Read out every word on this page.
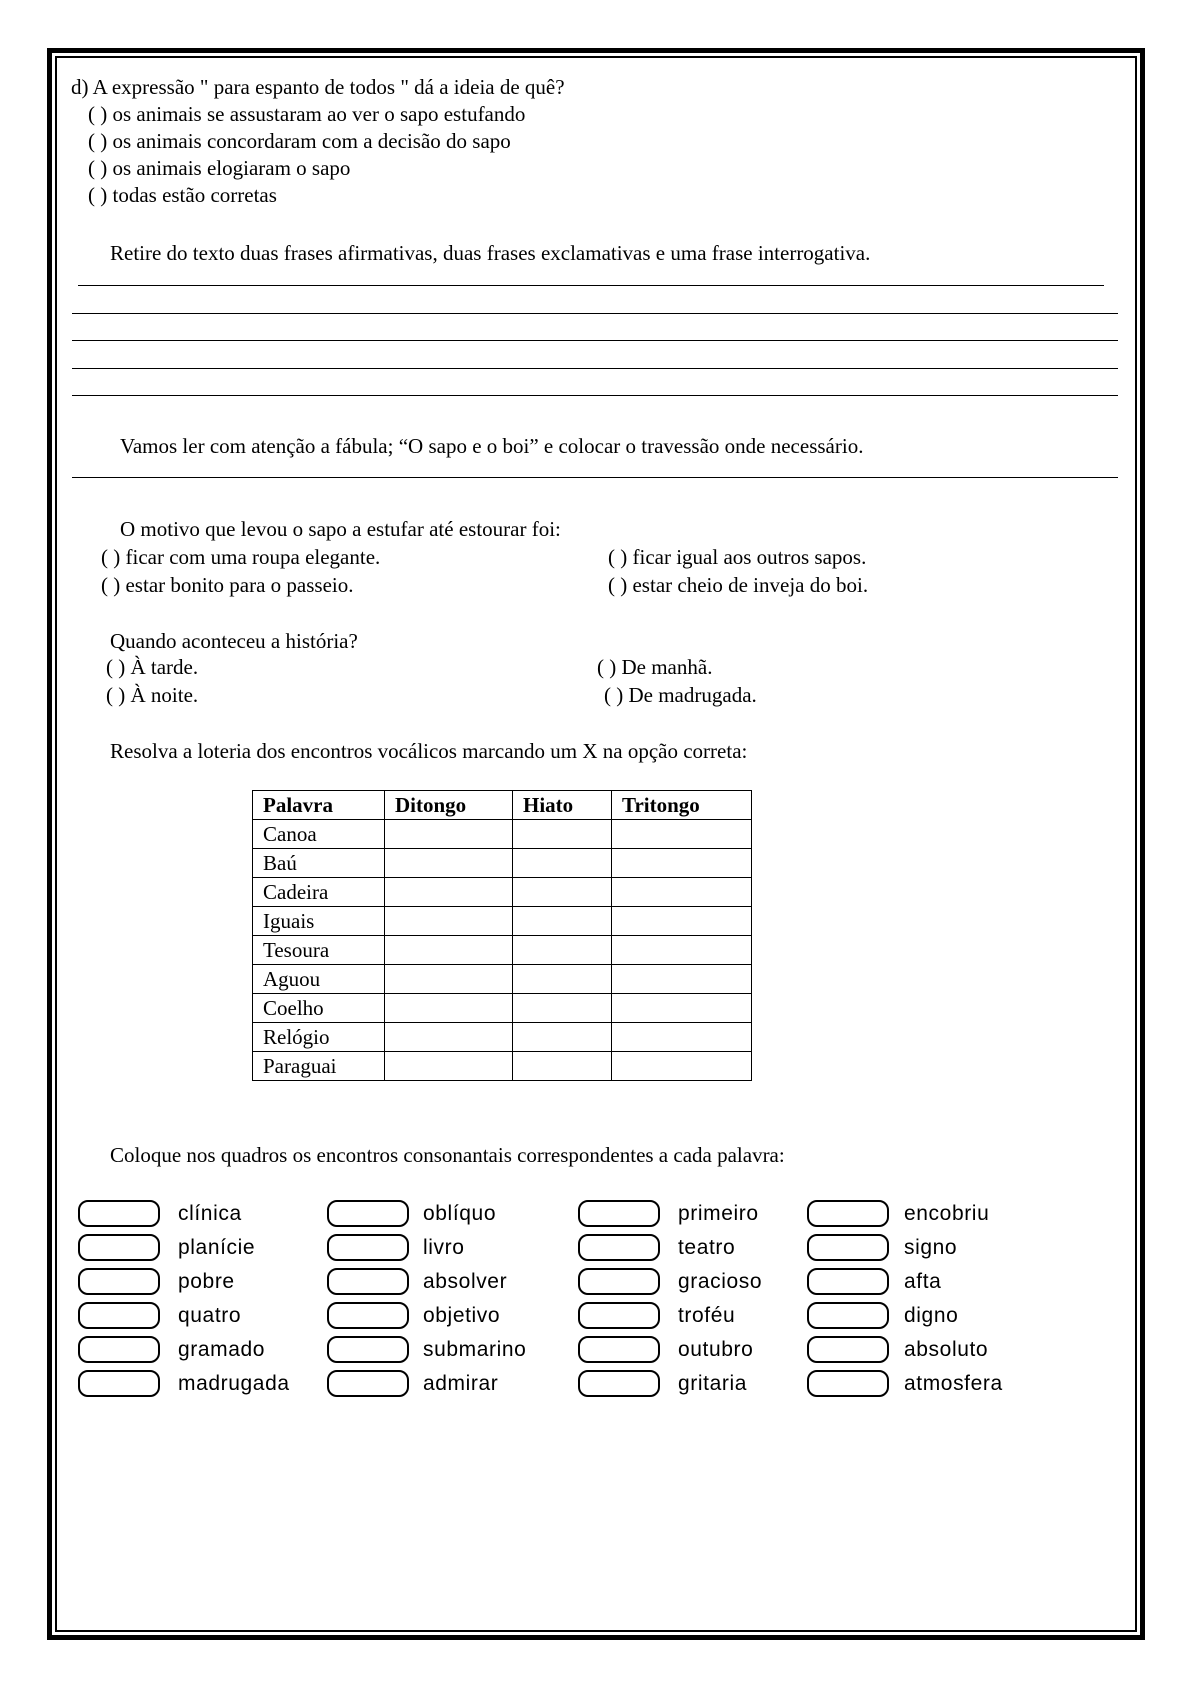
d) A expressão " para espanto de todos " dá a ideia de quê?
( ) os animais se assustaram ao ver o sapo estufando
( ) os animais concordaram com a decisão do sapo
( ) os animais elogiaram o sapo
( ) todas estão corretas
Retire do texto duas frases afirmativas, duas frases exclamativas e uma frase interrogativa.
Vamos ler com atenção a fábula; “O sapo e o boi” e colocar o travessão onde necessário.
O motivo que levou o sapo a estufar até estourar foi:
( ) ficar com uma roupa elegante.	( ) ficar igual aos outros sapos.
( ) estar bonito para o passeio.	( ) estar cheio de inveja do boi.
Quando aconteceu a história?
( ) À tarde.	( ) De manhã.
( ) À noite.	( ) De madrugada.
Resolva a loteria dos encontros vocálicos marcando um X na opção correta:
Palavra	Ditongo	Hiato	Tritongo
Canoa			
Baú			
Cadeira			
Iguais			
Tesoura			
Aguou			
Coelho			
Relógio			
Paraguai			
Coloque nos quadros os encontros consonantais correspondentes a cada palavra:
clínica
planície
pobre
quatro
gramado
madrugada
oblíquo
livro
absolver
objetivo
submarino
admirar
primeiro
teatro
gracioso
troféu
outubro
gritaria
encobriu
signo
afta
digno
absoluto
atmosfera
